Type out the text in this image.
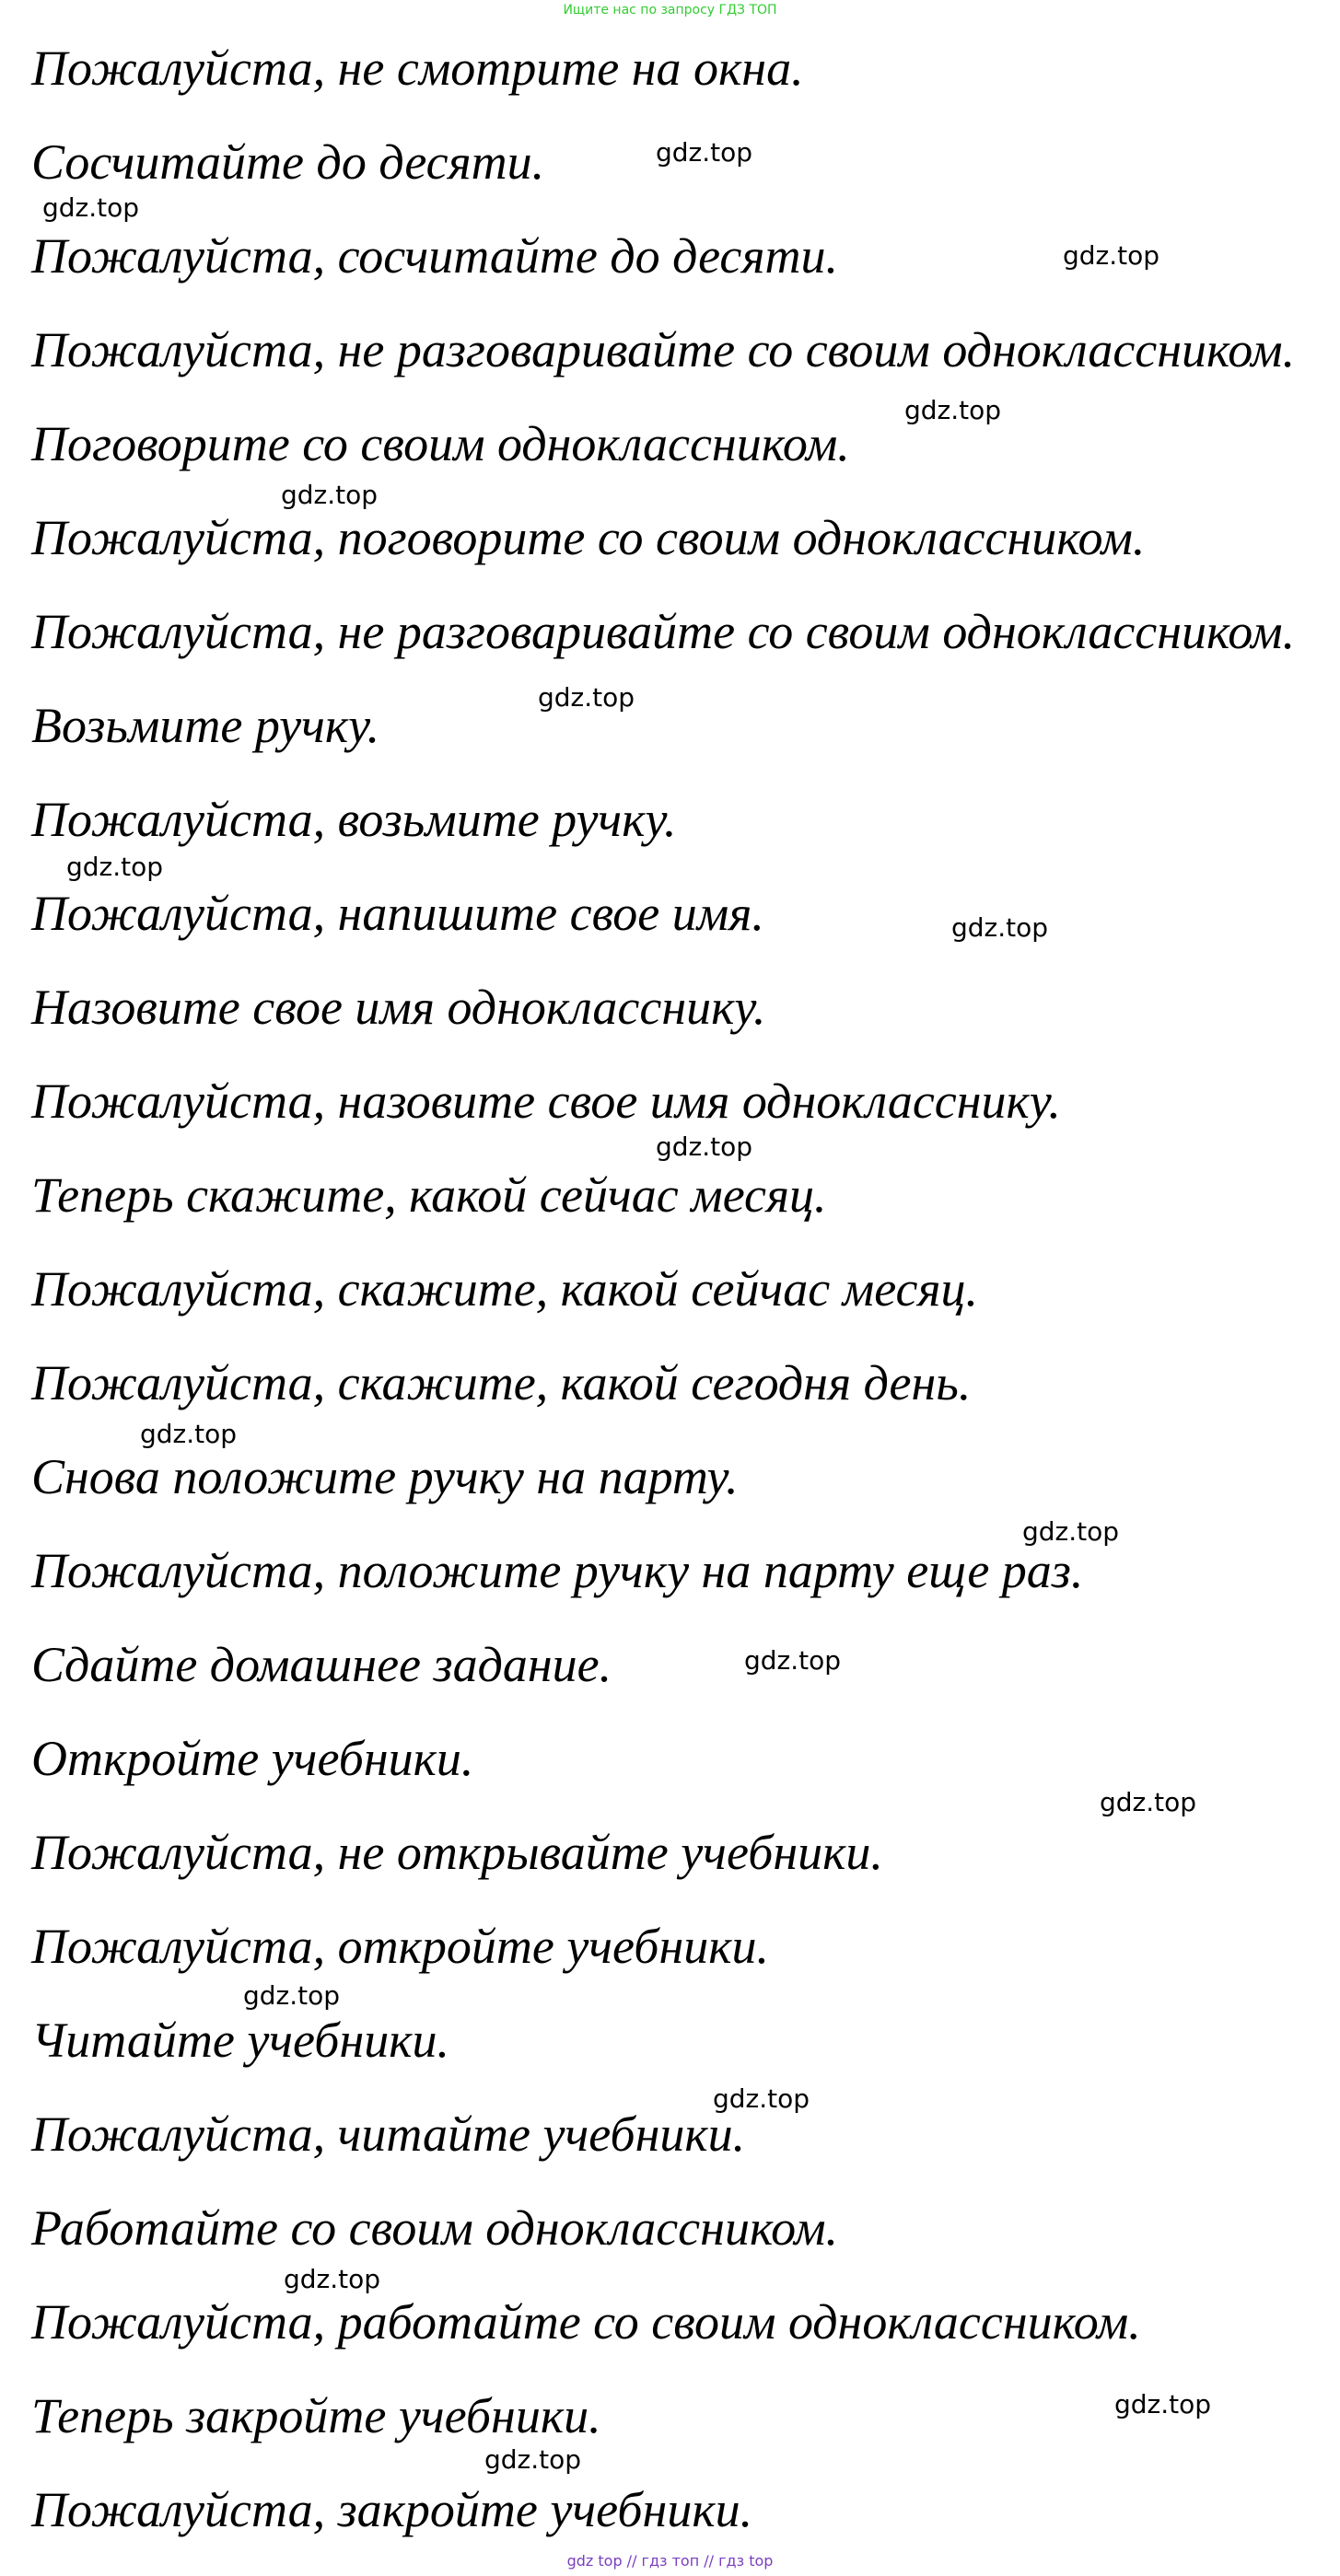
Ищите нас по запросу ГДЗ ТОП
Пожалуйста, не смотрите на окна.
Сосчитайте до десяти.
Пожалуйста, сосчитайте до десяти.
Пожалуйста, не разговаривайте со своим одноклассником.
Поговорите со своим одноклассником.
Пожалуйста, поговорите со своим одноклассником.
Пожалуйста, не разговаривайте со своим одноклассником.
Возьмите ручку.
Пожалуйста, возьмите ручку.
Пожалуйста, напишите свое имя.
Назовите свое имя однокласснику.
Пожалуйста, назовите свое имя однокласснику.
Теперь скажите, какой сейчас месяц.
Пожалуйста, скажите, какой сейчас месяц.
Пожалуйста, скажите, какой сегодня день.
Снова положите ручку на парту.
Пожалуйста, положите ручку на парту еще раз.
Сдайте домашнее задание.
Откройте учебники.
Пожалуйста, не открывайте учебники.
Пожалуйста, откройте учебники.
Читайте учебники.
Пожалуйста, читайте учебники.
Работайте со своим одноклассником.
Пожалуйста, работайте со своим одноклассником.
Теперь закройте учебники.
Пожалуйста, закройте учебники.
gdz.top
gdz.top
gdz.top
gdz.top
gdz.top
gdz.top
gdz.top
gdz.top
gdz.top
gdz.top
gdz.top
gdz.top
gdz.top
gdz.top
gdz.top
gdz.top
gdz.top
gdz.top
gdz top // гдз топ // гдз top
